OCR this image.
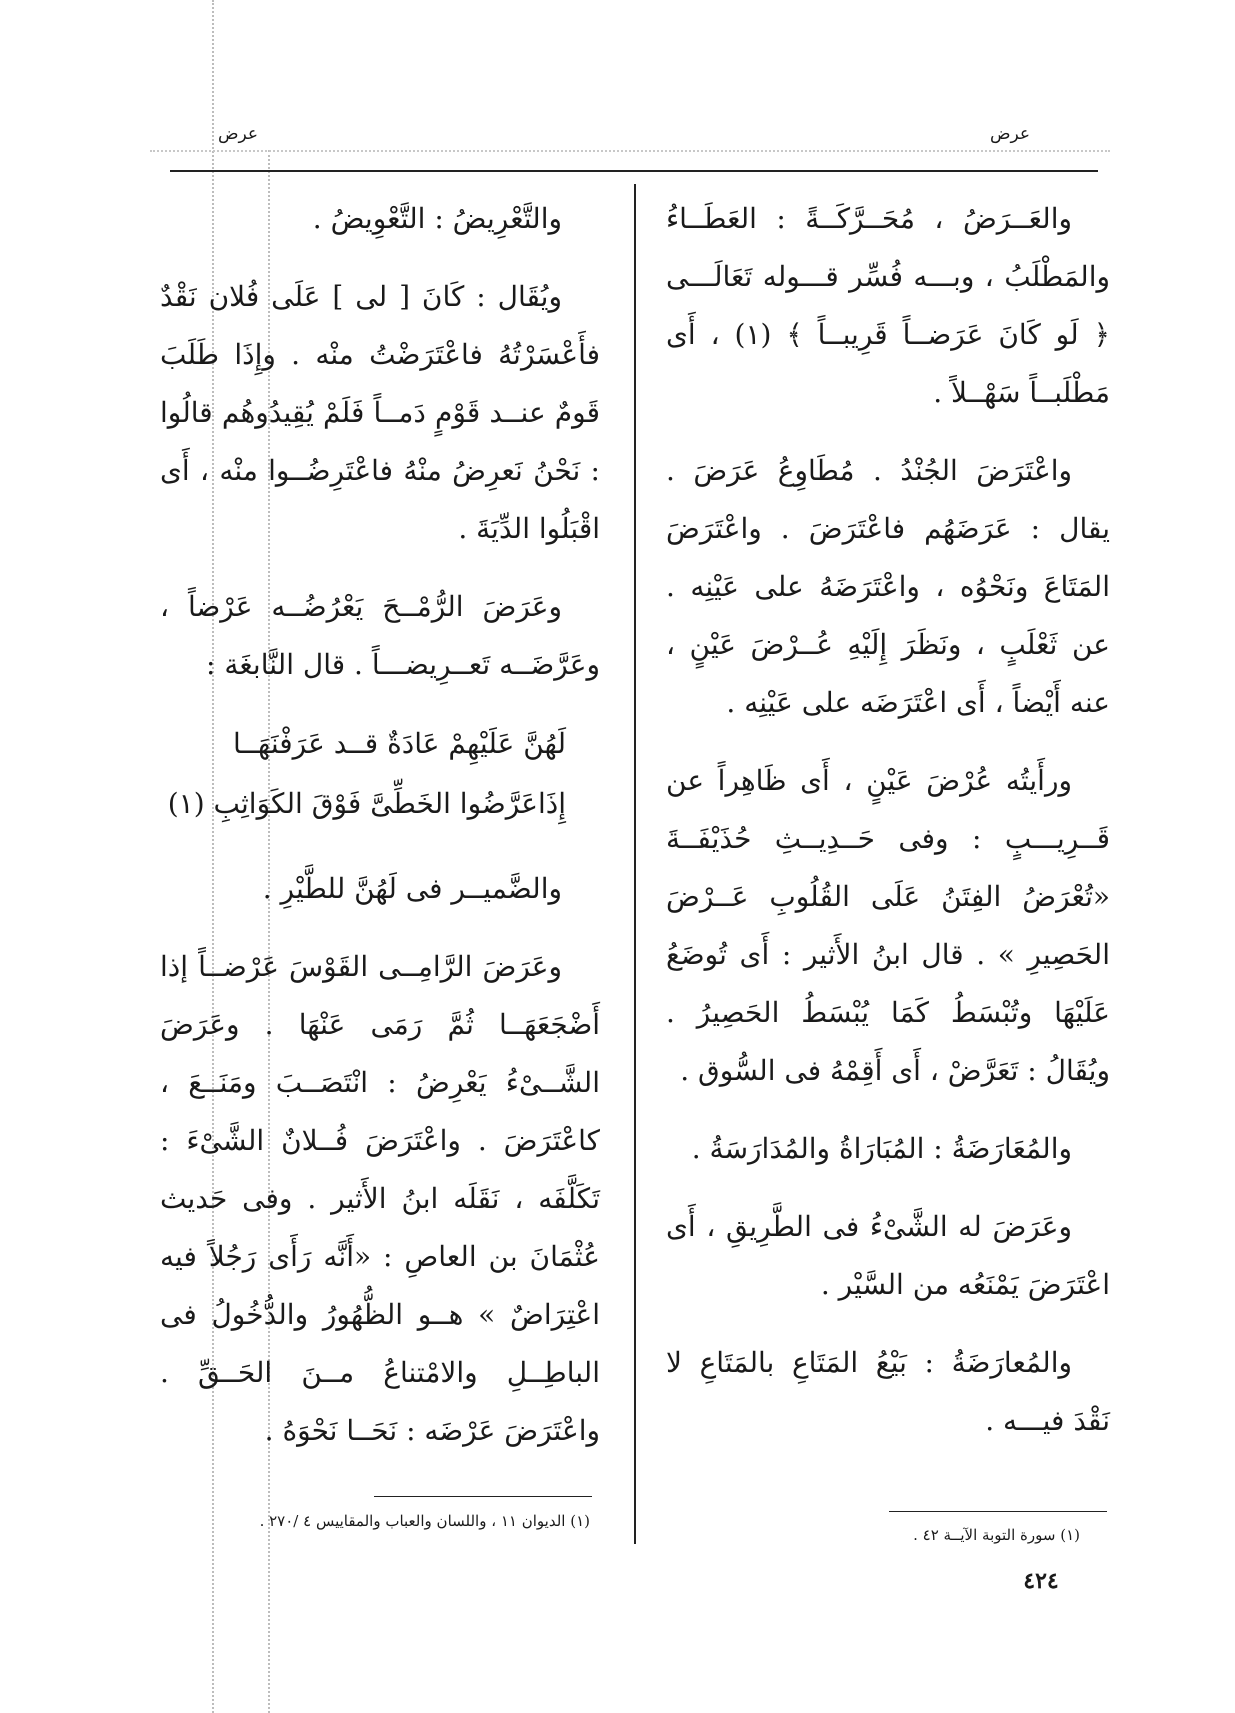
عرض
عرض

والعَــرَضُ ، مُحَــرَّكَــةً : العَطَــاءُ والمَطْلَبُ ، وبـــه فُسِّر قـــوله تَعَالَـــى ﴿ لَو كَانَ عَرَضــاً قَرِيبــاً ﴾ (١) ، أَى مَطْلَبــاً سَهْــلاً .

واعْتَرَضَ الجُنْدُ . مُطَاوِعُ عَرَضَ . يقال : عَرَضَهُم فاعْتَرَضَ . واعْتَرَضَ المَتَاعَ ونَحْوُه ، واعْتَرَضَهُ على عَيْنِه . عن ثَعْلَبٍ ، ونَظَرَ إِلَيْهِ عُــرْضَ عَيْنٍ ، عنه أَيْضاً ، أَى اعْتَرَضَه على عَيْنِه .

ورأَيتُه عُرْضَ عَيْنٍ ، أَى ظَاهِراً عن قَــرِيـــبٍ : وفى حَــدِيــثِ حُذَيْفَــةَ «تُعْرَضُ الفِتَنُ عَلَى القُلُوبِ عَــرْضَ الحَصِيرِ » . قال ابنُ الأَثير : أَى تُوضَعُ عَلَيْهَا وتُبْسَطُ كَمَا يُبْسَطُ الحَصِيرُ . ويُقَالُ : تَعَرَّضْ ، أَى أَقِمْهُ فى السُّوق .

والمُعَارَضَةُ : المُبَارَاةُ والمُدَارَسَةُ .

وعَرَضَ له الشَّىْءُ فى الطَّرِيقِ ، أَى اعْتَرَضَ يَمْنَعُه من السَّيْر .

والمُعارَضَةُ : بَيْعُ المَتَاعِ بالمَتَاعِ لا نَقْدَ فيـــه .

والتَّعْرِيضُ : التَّعْوِيضُ .

ويُقَال : كَانَ [ لى ] عَلَى فُلان نَقْدٌ فأَعْسَرْتُهُ فاعْتَرَضْتُ منْه . وإِذَا طَلَبَ قَومٌ عنــد قَوْمٍ دَمــاً فَلَمْ يُقِيدُوهُم قالُوا : نَحْنُ نَعرِضُ منْهُ فاعْتَرِضُــوا منْه ، أَى اقْبَلُوا الدِّيَةَ .

وعَرَضَ الرُّمْــحَ يَعْرُضُــه عَرْضاً ، وعَرَّضَــه تَعــرِيضـــاً . قال النَّابغَة :

لَهُنَّ عَلَيْهِمْ عَادَةٌ قــد عَرَفْنَهَــا
إِذَاعَرَّضُوا الخَطِّىَّ فَوْقَ الكَوَاثِبِ (١)

والضَّميــر فى لَهُنَّ للطَّيْرِ .

وعَرَضَ الرَّامِــى القَوْسَ عَرْضــاً إذا أَضْجَعَهَــا ثُمَّ رَمَى عَنْهَا . وعَرَضَ الشَّــىْءُ يَعْرِضُ : انْتَصَــبَ ومَنَــعَ ، كاعْتَرَضَ . واعْتَرَضَ فُــلانٌ الشَّىْءَ : تَكَلَّفَه ، نَقَلَه ابنُ الأَثير . وفى حَديث عُثْمَانَ بن العاصِ : «أَنَّه رَأَى رَجُلاً فيه اعْتِرَاضٌ » هــو الظُّهُورُ والدُّخُولُ فى الباطِــلِ والامْتناعُ مــنَ الحَــقِّ . واعْتَرَضَ عَرْضَه : نَحَــا نَحْوَهُ .

(١) سورة التوبة الآيــة ٤٢ .
(١) الديوان ١١ ، واللسان والعباب والمقاييس ٤ /٢٧٠ .
٤٢٤
